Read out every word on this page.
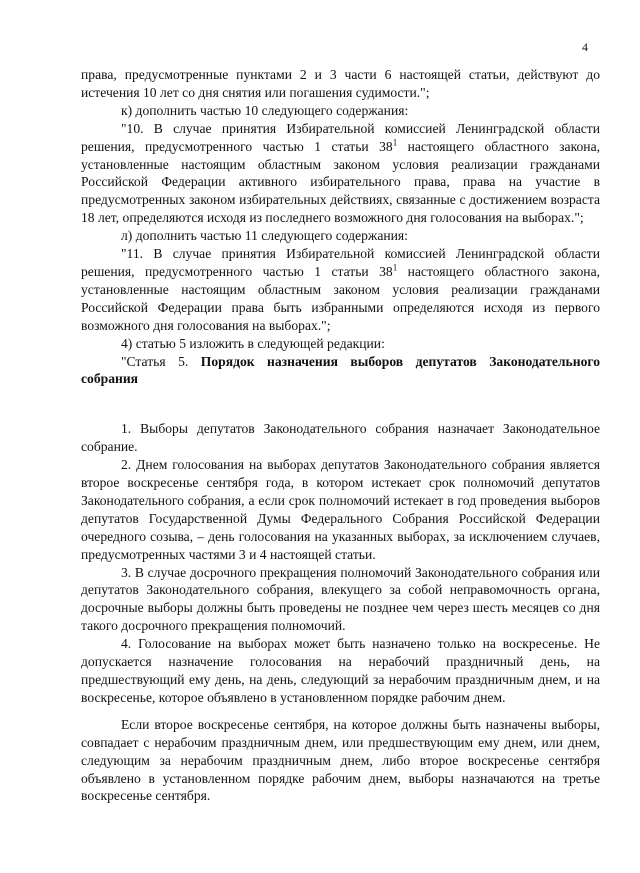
4

права, предусмотренные пунктами 2 и 3 части 6 настоящей статьи, действуют до истечения 10 лет со дня снятия или погашения судимости.";

к) дополнить частью 10 следующего содержания:

"10. В случае принятия Избирательной комиссией Ленинградской области решения, предусмотренного частью 1 статьи $38^1$ настоящего областного закона, установленные настоящим областным законом условия реализации гражданами Российской Федерации активного избирательного права, права на участие в предусмотренных законом избирательных действиях, связанные с достижением возраста 18 лет, определяются исходя из последнего возможного дня голосования на выборах.";

л) дополнить частью 11 следующего содержания:

"11. В случае принятия Избирательной комиссией Ленинградской области решения, предусмотренного частью 1 статьи $38^1$ настоящего областного закона, установленные настоящим областным законом условия реализации гражданами Российской Федерации права быть избранными определяются исходя из первого возможного дня голосования на выборах.";

4) статью 5 изложить в следующей редакции:

"Статья 5. Порядок назначения выборов депутатов Законодательного собрания

1. Выборы депутатов Законодательного собрания назначает Законодательное собрание.

2. Днем голосования на выборах депутатов Законодательного собрания является второе воскресенье сентября года, в котором истекает срок полномочий депутатов Законодательного собрания, а если срок полномочий истекает в год проведения выборов депутатов Государственной Думы Федерального Собрания Российской Федерации очередного созыва, – день голосования на указанных выборах, за исключением случаев, предусмотренных частями 3 и 4 настоящей статьи.

3. В случае досрочного прекращения полномочий Законодательного собрания или депутатов Законодательного собрания, влекущего за собой неправомочность органа, досрочные выборы должны быть проведены не позднее чем через шесть месяцев со дня такого досрочного прекращения полномочий.

4. Голосование на выборах может быть назначено только на воскресенье. Не допускается назначение голосования на нерабочий праздничный день, на предшествующий ему день, на день, следующий за нерабочим праздничным днем, и на воскресенье, которое объявлено в установленном порядке рабочим днем.

Если второе воскресенье сентября, на которое должны быть назначены выборы, совпадает с нерабочим праздничным днем, или предшествующим ему днем, или днем, следующим за нерабочим праздничным днем, либо второе воскресенье сентября объявлено в установленном порядке рабочим днем, выборы назначаются на третье воскресенье сентября.
